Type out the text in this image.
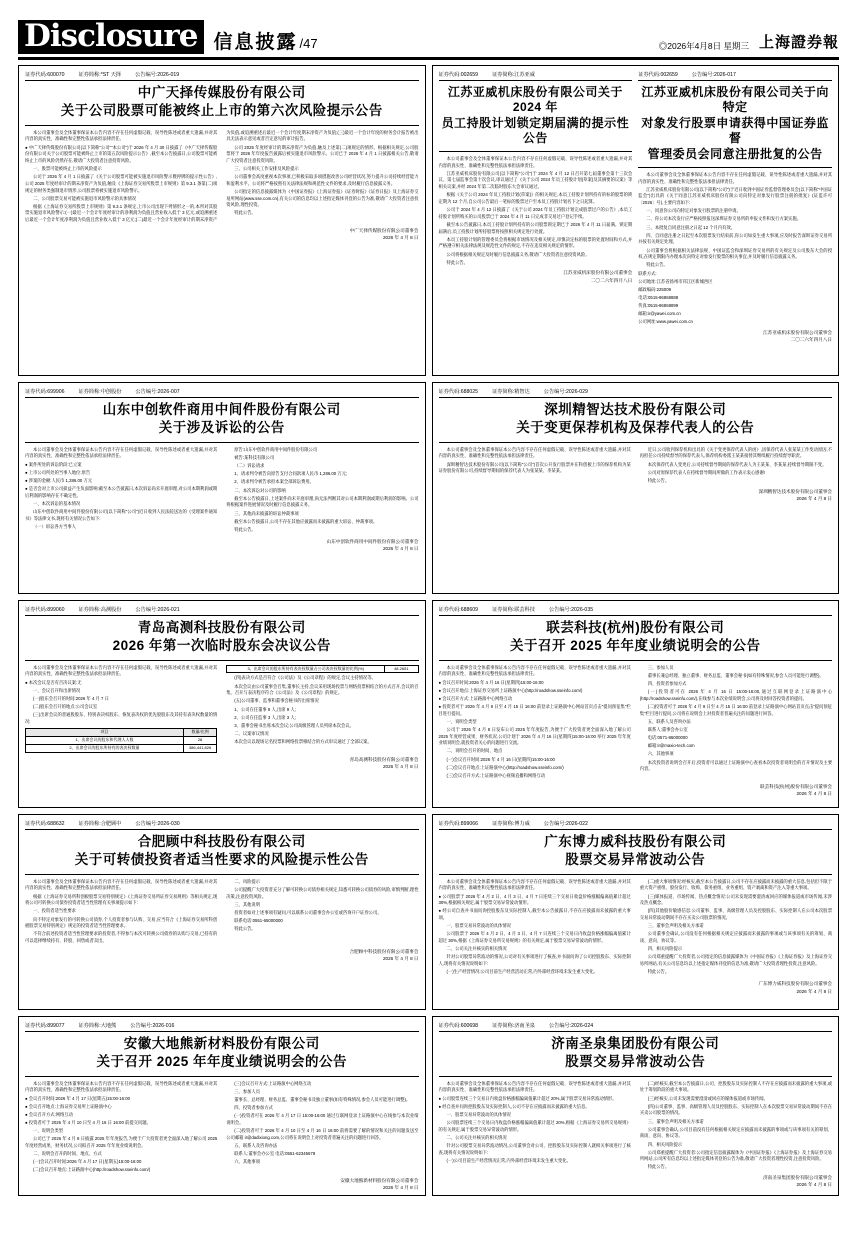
Disclosure 信息披露 /47	◎2026年4月8日 星期三 上海證券報
证券代码:600070	证券简称:*ST 天择	公告编号:2026-019
中广天择传媒股份有限公司
关于公司股票可能被终止上市的第六次风险提示公告

本公司董事会及全体董事保证本公告内容不存在任何虚假记载、误导性陈述或者重大遗漏,并对其内容的真实性、准确性和完整性依法承担法律责任。

● 中广天择传媒股份有限公司(以下简称"公司""本公司")于 2026 年 4 月 30 日披露了《中广天择传媒股份有限公司关于公司股票可能被终止上市的第五次风险提示公告》,截至本公告披露日,公司股票可能被终止上市的风险仍然存在,敬请广大投资者注意投资风险。

一、股票可能被终止上市的风险提示

公司于 2026 年 4 月 1 日披露了《关于公司股票可能被实施退市风险警示暨停牌的提示性公告》,公司 2025 年度经审计的期末净资产为负值,触及《上海证券交易所股票上市规则》第 9.3.1 条第(二)项规定的财务类强制退市情形,公司股票将被实施退市风险警示。

二、公司股票交易可能被实施退市风险警示的具体情况

根据《上海证券交易所股票上市规则》第 9.3.1 条规定,上市公司出现下列情形之一的,本所对其股票实施退市风险警示:(一)最近一个会计年度经审计的净利润为负值且营业收入低于 3 亿元,或追溯重述后最近一个会计年度净利润为负值且营业收入低于 3 亿元;(二)最近一个会计年度经审计的期末净资产为负值,或追溯重述后最近一个会计年度期末净资产为负值;(三)最近一个会计年度的财务会计报告被出具无法表示意见或者否定意见的审计报告。

公司 2025 年度经审计的期末净资产为负值,触及上述第(二)项规定的情形。根据相关规定,公司股票将于 2026 年年度报告披露后被实施退市风险警示。公司已于 2026 年 4 月 1 日披露相关公告,敬请广大投资者注意投资风险。

三、公司相关工作安排及风险提示

公司董事会高度重视本次事项,已积极采取多项措施改善公司经营状况,努力提升公司持续经营能力和盈利水平。公司将严格按照有关法律法规和规范性文件的要求,及时履行信息披露义务。

公司指定的信息披露媒体为《中国证券报》《上海证券报》《证券时报》《证券日报》及上海证券交易所网站(www.sse.com.cn),有关公司的信息均以上述指定媒体刊登的公告为准,敬请广大投资者注意投资风险,理性投资。

特此公告。

中广天择传媒股份有限公司董事会
2026 年 4 月 8 日
证券代码:002659	证券简称:江苏亚威
江苏亚威机床股份有限公司关于 2024 年
员工持股计划锁定期届满的提示性公告

本公司董事会及全体董事保证本公告内容不存在任何虚假记载、误导性陈述或者重大遗漏,并对其内容的真实性、准确性和完整性依法承担法律责任。

江苏亚威机床股份有限公司(以下简称"公司")于 2024 年 4 月 12 日召开第七届董事会第十三次会议、第七届监事会第十次会议,审议通过了《关于公司 2024 年员工持股计划(草案)及其摘要的议案》等相关议案,并经 2024 年第二次临时股东大会审议通过。

根据《关于公司 2024 年员工持股计划(草案)》的相关规定,本员工持股计划所持有的标的股票的锁定期为 12 个月,自公司公告最后一笔标的股票过户至本员工持股计划名下之日起算。

公司于 2024 年 4 月 12 日披露了《关于公司 2024 年员工持股计划完成股票过户的公告》,本员工持股计划所购买的公司股票已于 2024 年 4 月 11 日完成非交易过户登记手续。

截至本公告披露日,本员工持股计划所持有的公司股票锁定期已于 2026 年 4 月 11 日届满。锁定期届满后,员工持股计划所持股票将按照相关规定进行处置。

本员工持股计划的管理委员会将根据市场情况及相关规定,审慎决定标的股票的处置时间和方式,并严格遵守相关法律法规及规范性文件的规定,不存在违反相关规定的情形。

公司将根据相关规定及时履行信息披露义务,敬请广大投资者注意投资风险。

特此公告。

江苏亚威机床股份有限公司董事会
二〇二六年四月八日
证券代码:002659	公告编号:2026-017
江苏亚威机床股份有限公司关于向特定
对象发行股票申请获得中国证券监督
管理委员会同意注册批复的公告

本公司董事会及全体董事保证本公告内容不存在任何虚假记载、误导性陈述或者重大遗漏,并对其内容的真实性、准确性和完整性依法承担法律责任。

江苏亚威机床股份有限公司(以下简称"公司")于近日收到中国证券监督管理委员会(以下简称"中国证监会")出具的《关于同意江苏亚威机床股份有限公司向特定对象发行股票注册的批复》(证监许可〔2026〕号),主要内容如下:

一、同意你公司向特定对象发行股票的注册申请。

二、你公司本次发行应严格按照报送深圳证券交易所的申报文件和发行方案实施。

三、本批复自同意注册之日起 12 个月内有效。

四、自同意注册之日起至本次股票发行结束前,你公司如发生重大事项,应及时报告深圳证券交易所并按有关规定处理。

公司董事会将根据相关法律法规、中国证监会和深圳证券交易所的有关规定及公司股东大会的授权,在规定期限内办理本次向特定对象发行股票的相关事宜,并及时履行信息披露义务。

特此公告。

联系方式:

公司地址:江苏省扬州市邗江区新城西区

邮政编码:225009

电话:0515-86868888

传真:0515-86868899

邮箱:ir@yawei.com.cn

公司网址:www.yawei.com.cn

江苏亚威机床股份有限公司董事会
二〇二六年四月八日
证券代码:699906	证券简称:中创股份	公告编号:2026-007
山东中创软件商用中间件股份有限公司
关于涉及诉讼的公告

本公司董事会及全体董事保证本公告内容不存在任何虚假记载、误导性陈述或者重大遗漏,并对其内容的真实性、准确性和完整性依法承担法律责任。

● 案件所处的诉讼阶段:已立案

● 上市公司所处的当事人地位:原告

● 涉案的金额:人民币 1,286.00 万元

● 是否会对上市公司损益产生负面影响:截至本公告披露日,本次诉讼尚未开庭审理,对公司本期利润或期后利润的影响存在不确定性。

一、本次诉讼的基本情况

山东中创软件商用中间件股份有限公司(以下简称"公司")近日收到人民法院送达的《受理案件通知书》等法律文书,现将有关情况公告如下:

（一）诉讼各方当事人

原告:山东中创软件商用中间件股份有限公司

被告:某科技有限公司

（二）诉讼请求

1、请求判令被告向原告支付合同款项人民币 1,286.00 万元;

2、请求判令被告承担本案全部诉讼费用。

二、本次诉讼对公司的影响

截至本公告披露日,上述案件尚未开庭审理,尚无法判断其对公司本期利润或期后利润的影响。公司将根据案件进展情况及时履行信息披露义务。

三、其他尚未披露的诉讼仲裁事项

截至本公告披露日,公司不存在其他应披露而未披露的重大诉讼、仲裁事项。

特此公告。

山东中创软件商用中间件股份有限公司董事会
2026 年 4 月 8 日
证券代码:688025	证券简称:精智达	公告编号:2026-029
深圳精智达技术股份有限公司
关于变更保荐机构及保荐代表人的公告

本公司董事会及全体董事保证本公告内容不存在任何虚假记载、误导性陈述或者重大遗漏,并对其内容的真实性、准确性和完整性依法承担法律责任。

深圳精智达技术股份有限公司(以下简称"公司")首次公开发行股票并在科创板上市的保荐机构为某证券股份有限公司,持续督导期间的保荐代表人为张某某、李某某。

近日,公司收到保荐机构出具的《关于变更保荐代表人的函》,因保荐代表人张某某工作变动原因,不再担任公司持续督导的保荐代表人,保荐机构委派王某某接替其继续履行持续督导职责。

本次保荐代表人变更后,公司持续督导期间的保荐代表人为王某某、李某某,持续督导期限不变。

公司对原保荐代表人在持续督导期间所做的工作表示衷心感谢!

特此公告。

深圳精智达技术股份有限公司董事会
2026 年 4 月 8 日
证券代码:899060	证券简称:高测股份	公告编号:2026-021
青岛高测科技股份有限公司
2026 年第一次临时股东会决议公告

本公司董事会及全体董事保证本公告内容不存在任何虚假记载、误导性陈述或者重大遗漏,并对其内容的真实性、准确性和完整性依法承担法律责任。

● 本次会议是否有否决议案:无

一、会议召开和出席情况

(一)股东会召开的时间:2026 年 4 月 7 日

(二)股东会召开的地点:公司会议室

(三)出席会议的普通股股东、特别表决权股东、恢复表决权的优先股股东及其持有表决权数量的情况:

项目	数量/比例
1、出席会议的股东和代理人人数	28
2、出席会议的股东所持有的表决权数量	386,441,826
3、出席会议的股东所持有表决权数量占公司表决权数量的比例(%)	48.2651

(四)表决方式是否符合《公司法》及《公司章程》的规定,会议主持情况等。

本次会议由公司董事会召集,董事长主持,会议采用现场投票与网络投票相结合的方式召开,会议的召集、召开与表决程序符合《公司法》及《公司章程》的规定。

(五)公司董事、监事和董事会秘书的出席情况

1、公司在任董事 9 人,出席 9 人;

2、公司在任监事 3 人,出席 3 人;

3、董事会秘书出席本次会议;公司高级管理人员列席本次会议。

二、议案审议情况

本次会议以现场记名投票和网络投票相结合的方式审议通过了全部议案。

青岛高测科技股份有限公司董事会
2026 年 4 月 8 日
证券代码:688609	证券简称:联芸科技	公告编号:2026-035
联芸科技(杭州)股份有限公司
关于召开 2025 年年度业绩说明会的公告

本公司董事会及全体董事保证本公告内容不存在任何虚假记载、误导性陈述或者重大遗漏,并对其内容的真实性、准确性和完整性依法承担法律责任。

● 会议召开时间:2026 年 4 月 16 日(星期四)15:00-16:00

● 会议召开地点:上海证券交易所上证路演中心(http://roadshow.sseinfo.com/)

● 会议召开方式:上证路演中心网络互动

● 投资者可于 2026 年 4 月 9 日至 4 月 15 日 16:00 前登录上证路演中心网站首页点击"提问预征集"栏目进行提问。

一、说明会类型

公司于 2026 年 4 月 8 日发布公司 2025 年年度报告,为便于广大投资者更全面深入地了解公司 2025 年度经营成果、财务状况,公司计划于 2026 年 4 月 16 日(星期四)15:00-16:00 举行 2025 年年度业绩说明会,就投资者关心的问题进行交流。

二、说明会召开的时间、地点

(一)会议召开时间:2026 年 4 月 16 日(星期四)15:00-16:00

(二)会议召开地点:上证路演中心(http://roadshow.sseinfo.com/)

(三)会议召开方式:上证路演中心视频直播和网络互动

三、参加人员

董事长兼总经理、独立董事、财务总监、董事会秘书(如有特殊情况,参会人员可能进行调整)。

四、投资者参加方式

(一)投资者可在 2026 年 4 月 16 日 15:00-16:00,通过互联网登录上证路演中心(http://roadshow.sseinfo.com/),在线参与本次业绩说明会,公司将及时回答投资者的提问。

(二)投资者可于 2026 年 4 月 9 日至 4 月 15 日 16:00 前登录上证路演中心网站首页点击"提问预征集"栏目进行提问,公司将在说明会上对投资者普遍关注的问题进行回答。

五、联系人及咨询办法

联系人:董事会办公室

电话:0571-86000000

邮箱:ir@maxio-tech.com

六、其他事项

本次投资者说明会召开后,投资者可以通过上证路演中心查看本次投资者说明会的召开情况及主要内容。

联芸科技(杭州)股份有限公司董事会
2026 年 4 月 8 日
证券代码:688632	证券简称:合肥顾中	公告编号:2026-030
合肥顾中科技股份有限公司
关于可转债投资者适当性要求的风险提示性公告

本公司董事会及全体董事保证本公告内容不存在任何虚假记载、误导性陈述或者重大遗漏,并对其内容的真实性、准确性和完整性依法承担法律责任。

根据《上海证券交易所科创板股票交易特别规定》《上海证券交易所证券交易规则》等相关规定,现将公司可转换公司债券投资者适当性管理有关事项提示如下:

一、投资者适当性要求

向不特定对象发行的可转换公司债券,个人投资者参与认购、交易,应当符合《上海证券交易所科创板股票交易特别规定》规定的投资者适当性管理要求。

不符合前述投资者适当性管理要求的投资者,不得参与本次可转换公司债券的认购与交易,已持有的可以选择继续持有、转股、回售或者卖出。

二、风险提示

公司提醒广大投资者充分了解可转换公司债券相关规定,知悉可转换公司债券的风险,审慎判断,理性决策,注意投资风险。

三、其他说明

投资者如对上述事项有疑问,可以联系公司董事会办公室或咨询开户证券公司。

联系电话:0551-65000000

特此公告。

合肥顾中科技股份有限公司董事会
2026 年 4 月 8 日
证券代码:899066	证券简称:博力威	公告编号:2026-022
广东博力威科技股份有限公司
股票交易异常波动公告

本公司董事会及全体董事保证本公告内容不存在任何虚假记载、误导性陈述或者重大遗漏,并对其内容的真实性、准确性和完整性依法承担法律责任。

● 公司股票于 2026 年 4 月 2 日、4 月 3 日、4 月 7 日连续三个交易日收盘价格涨幅偏离值累计超过 30%,根据相关规定,属于股票交易异常波动情形。

● 经公司自查并书面问询控股股东及实际控制人,截至本公告披露日,不存在应披露而未披露的重大事项。

一、股票交易异常波动的具体情况

公司股票于 2026 年 4 月 2 日、4 月 3 日、4 月 7 日连续三个交易日内收盘价格涨幅偏离值累计超过 30%,根据《上海证券交易所交易规则》的有关规定,属于股票交易异常波动的情形。

二、公司关注并核实的相关情况

针对公司股票异常波动的情况,公司对有关事项进行了核查,并书面问询了公司控股股东、实际控制人,现将有关情况说明如下:

(一)生产经营情况:公司目前生产经营活动正常,内外部经营环境未发生重大变化。

(二)重大事项情况:经核实,截至本公告披露日,公司不存在应披露而未披露的重大信息,包括但不限于重大资产重组、股份发行、收购、债务重组、业务重组、资产剥离和资产注入等重大事项。

(三)媒体报道、市场传闻、热点概念情况:公司未发现需要澄清或回应的媒体报道或市场传闻,未涉及热点概念。

(四)其他股价敏感信息:公司董事、监事、高级管理人员及控股股东、实际控制人在公司本次股票交易异常波动期间不存在买卖公司股票的情况。

三、董事会声明及相关方承诺

公司董事会确认,公司没有任何根据相关规定应披露而未披露的事项或与该事项有关的筹划、商谈、意向、协议等。

四、相关风险提示

公司郑重提醒广大投资者,公司指定的信息披露媒体为《中国证券报》《上海证券报》及上海证券交易所网站,有关公司信息均以上述指定媒体刊登的信息为准,敬请广大投资者理性投资,注意风险。

特此公告。

广东博力威科技股份有限公司董事会
2026 年 4 月 8 日
证券代码:899077	证券简称:大地熊	公告编号:2026-016
安徽大地熊新材料股份有限公司
关于召开 2025 年年度业绩说明会的公告

本公司董事会及全体董事保证本公告内容不存在任何虚假记载、误导性陈述或者重大遗漏,并对其内容的真实性、准确性和完整性依法承担法律责任。

● 会议召开时间:2026 年 4 月 17 日(星期五)15:00-16:00

● 会议召开地点:上海证券交易所上证路演中心

● 会议召开方式:网络互动

● 投资者可于 2026 年 4 月 10 日至 4 月 16 日 16:00 前提交问题。

一、说明会类型

公司已于 2026 年 4 月 8 日披露 2025 年年度报告,为便于广大投资者更全面深入地了解公司 2025 年度经营成果、财务状况,公司拟召开 2025 年年度业绩说明会。

二、说明会召开的时间、地点、方式

(一)会议召开时间:2026 年 4 月 17 日(星期五)15:00-16:00

(二)会议召开地点:上证路演中心(http://roadshow.sseinfo.com/)

(三)会议召开方式:上证路演中心网络互动

三、参加人员

董事长、总经理、财务总监、董事会秘书及独立董事(如有特殊情况,参会人员可能进行调整)。

四、投资者参加方式

(一)投资者可在 2026 年 4 月 17 日 15:00-16:00 通过互联网登录上证路演中心在线参与本次业绩说明会。

(二)投资者可于 2026 年 4 月 10 日至 4 月 16 日 16:00 前将需要了解的情况和关注的问题发送至公司邮箱 ir@dadixiong.com,公司将在说明会上对投资者普遍关注的问题进行回答。

五、联系人及咨询办法

联系人:董事会办公室 电话:0551-62345678

六、其他事项

安徽大地熊新材料股份有限公司董事会
2026 年 4 月 8 日
证券代码:600698	证券简称:济南圣泉	公告编号:2026-024
济南圣泉集团股份有限公司
股票交易异常波动公告

本公司董事会及全体董事保证本公告内容不存在任何虚假记载、误导性陈述或者重大遗漏,并对其内容的真实性、准确性和完整性依法承担法律责任。

● 公司股票连续三个交易日内收盘价格涨幅偏离值累计超过 20%,属于股票交易异常波动情形。

● 经自查并问询控股股东及实际控制人,公司不存在应披露而未披露的重大信息。

一、股票交易异常波动的具体情况

公司股票连续三个交易日内收盘价格涨幅偏离值累计超过 20%,根据《上海证券交易所交易规则》的有关规定,属于股票交易异常波动的情形。

二、公司关注并核实的相关情况

针对公司股票交易异常波动情况,公司董事会对公司、控股股东及实际控制人就相关事项进行了核查,现将有关情况说明如下:

(一)公司目前生产经营情况正常,内外部经营环境未发生重大变化。

(二)经核实,截至本公告披露日,公司、控股股东及实际控制人不存在应披露而未披露的重大事项,或处于筹划阶段的重大事项。

(三)经核实,公司未发现需要澄清或回应的媒体报道或市场传闻。

(四)公司董事、监事、高级管理人员及控股股东、实际控制人在本次股票交易异常波动期间不存在买卖公司股票的情况。

三、董事会声明及相关方承诺

公司董事会确认,公司目前没有任何根据相关规定应披露而未披露的事项或与该事项有关的筹划、商谈、意向、协议等。

四、相关风险提示

公司郑重提醒广大投资者:公司指定信息披露媒体为《中国证券报》《上海证券报》及上海证券交易所网站,公司所有信息均以上述指定媒体刊登的公告为准,敬请广大投资者理性投资,注意投资风险。

特此公告。

济南圣泉集团股份有限公司董事会
2026 年 4 月 8 日
